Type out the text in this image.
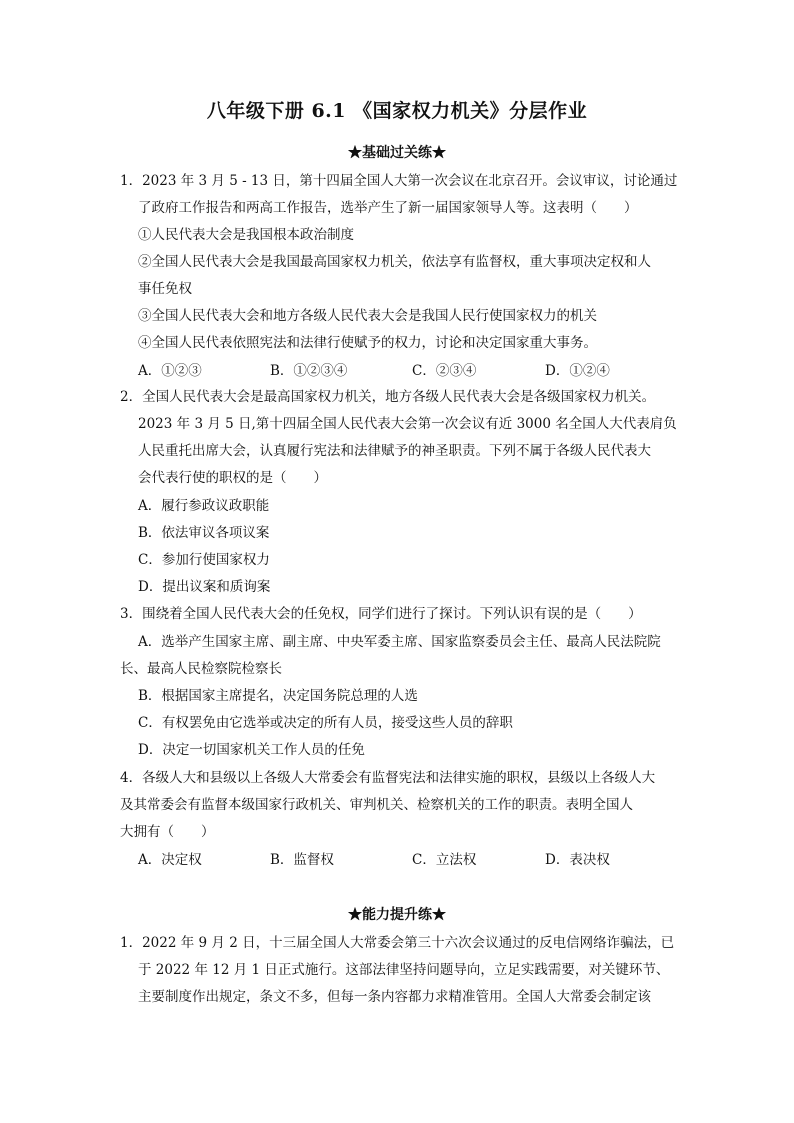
八年级下册 6.1 《国家权力机关》分层作业
★基础过关练★
1．2023 年 3 月 5 - 13 日，第十四届全国人大第一次会议在北京召开。会议审议，讨论通过
了政府工作报告和两高工作报告，选举产生了新一届国家领导人等。这表明（　　）
①人民代表大会是我国根本政治制度
②全国人民代表大会是我国最高国家权力机关，依法享有监督权，重大事项决定权和人
事任免权
③全国人民代表大会和地方各级人民代表大会是我国人民行使国家权力的机关
④全国人民代表依照宪法和法律行使赋予的权力，讨论和决定国家重大事务。
A．①②③	B．①②③④	C．②③④	D．①②④
2．全国人民代表大会是最高国家权力机关，地方各级人民代表大会是各级国家权力机关。
2023 年 3 月 5 日,第十四届全国人民代表大会第一次会议有近 3000 名全国人大代表肩负
人民重托出席大会，认真履行宪法和法律赋予的神圣职责。下列不属于各级人民代表大
会代表行使的职权的是（　　）
A．履行参政议政职能
B．依法审议各项议案
C．参加行使国家权力
D．提出议案和质询案
3．围绕着全国人民代表大会的任免权，同学们进行了探讨。下列认识有误的是（　　）
A．选举产生国家主席、副主席、中央军委主席、国家监察委员会主任、最高人民法院院
长、最高人民检察院检察长
B．根据国家主席提名，决定国务院总理的人选
C．有权罢免由它选举或决定的所有人员，接受这些人员的辞职
D．决定一切国家机关工作人员的任免
4．各级人大和县级以上各级人大常委会有监督宪法和法律实施的职权，县级以上各级人大
及其常委会有监督本级国家行政机关、审判机关、检察机关的工作的职责。表明全国人
大拥有（　　）
A．决定权	B．监督权	C．立法权	D．表决权
★能力提升练★
1．2022 年 9 月 2 日，十三届全国人大常委会第三十六次会议通过的反电信网络诈骗法，已
于 2022 年 12 月 1 日正式施行。这部法律坚持问题导向，立足实践需要，对关键环节、
主要制度作出规定，条文不多，但每一条内容都力求精准管用。全国人大常委会制定该
